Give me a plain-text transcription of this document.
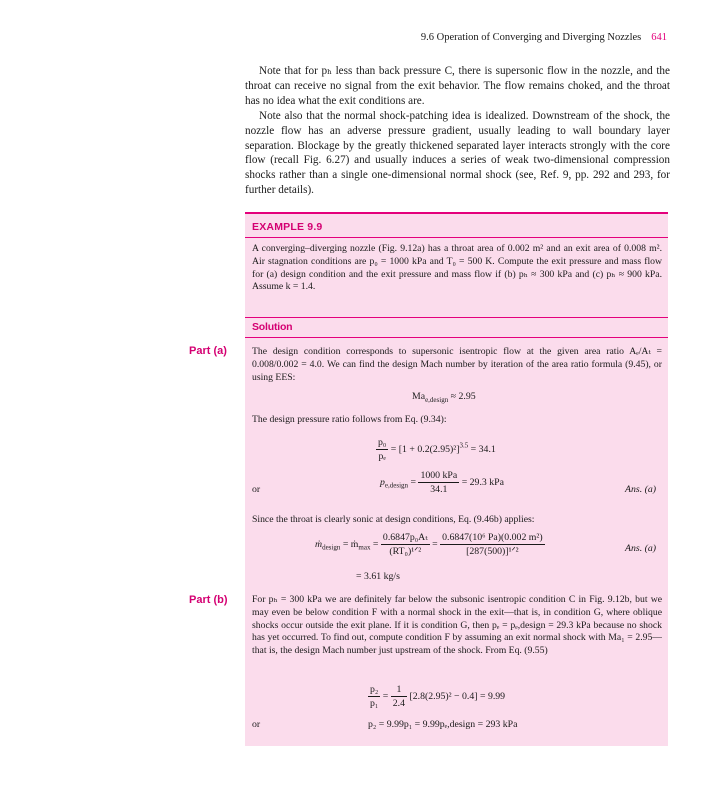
9.6 Operation of Converging and Diverging Nozzles 641

Note that for pₕ less than back pressure C, there is supersonic flow in the nozzle, and the throat can receive no signal from the exit behavior. The flow remains choked, and the throat has no idea what the exit conditions are.

Note also that the normal shock-patching idea is idealized. Downstream of the shock, the nozzle flow has an adverse pressure gradient, usually leading to wall boundary layer separation. Blockage by the greatly thickened separated layer interacts strongly with the core flow (recall Fig. 6.27) and usually induces a series of weak two-dimensional compression shocks rather than a single one-dimensional normal shock (see, Ref. 9, pp. 292 and 293, for further details).

EXAMPLE 9.9

A converging–diverging nozzle (Fig. 9.12a) has a throat area of 0.002 m² and an exit area of 0.008 m². Air stagnation conditions are p₀ = 1000 kPa and T₀ = 500 K. Compute the exit pressure and mass flow for (a) design condition and the exit pressure and mass flow if (b) pₕ ≈ 300 kPa and (c) pₕ ≈ 900 kPa. Assume k = 1.4.

Solution
Part (a)	The design condition corresponds to supersonic isentropic flow at the given area ratio Aₑ/Aₜ = 0.008/0.002 = 4.0. We can find the design Mach number by iteration of the area ratio formula (9.45), or using EES:

$Ma_{e,design} \approx 2.95$

The design pressure ratio follows from Eq. (9.34):

$\frac{\text{p₀}}{\text{pₑ}} = [1 + 0.2(2.95)^2]^{3.5} = 34.1$
or
$p_{e,design} = \frac{\text{1000 kPa}}{34.1} = 29.3$ kPa
Ans. (a)

Since the throat is clearly sonic at design conditions, Eq. (9.46b) applies:

ṁ$_{design}$ = ṁ$_{max}$ = $\frac{\text{0.6847p₀Aₜ}}{\text{(RT₀)¹ᐟ²}} = \frac{\text{0.6847(10⁶ Pa)(0.002 m²)}}{\text{[287(500)]¹ᐟ²}}$	Ans. (a)
= 3.61 kg/s
Part (b)	For pₕ = 300 kPa we are definitely far below the subsonic isentropic condition C in Fig. 9.12b, but we may even be below condition F with a normal shock in the exit—that is, in condition G, where oblique shocks occur outside the exit plane. If it is condition G, then pₑ = pₑ,design = 29.3 kPa because no shock has yet occurred. To find out, compute condition F by assuming an exit normal shock with Ma₁ = 2.95—that is, the design Mach number just upstream of the shock. From Eq. (9.55)

$\frac{\text{p₂}}{\text{p₁}} = \frac{1}{2.4} [2.8(2.95)^2 - 0.4] = 9.99$
or	p₂ = 9.99p₁ = 9.99pₑ,design = 293 kPa
